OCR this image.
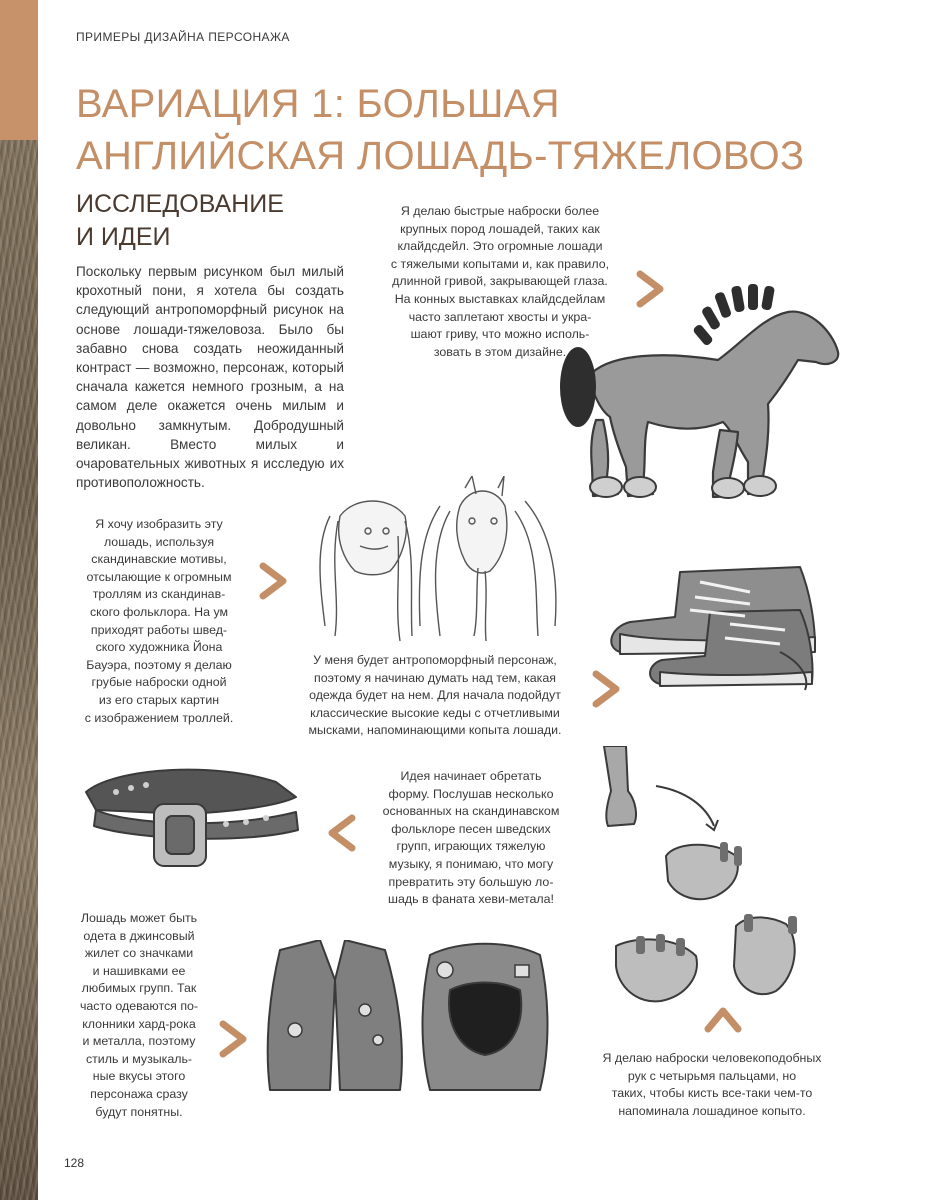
ПРИМЕРЫ ДИЗАЙНА ПЕРСОНАЖА
ВАРИАЦИЯ 1: БОЛЬШАЯ АНГЛИЙСКАЯ ЛОШАДЬ-ТЯЖЕЛОВОЗ
ИССЛЕДОВАНИЕ И ИДЕИ
Поскольку первым рисунком был милый крохотный пони, я хотела бы создать следующий антропоморфный рисунок на основе лошади-тяжеловоза. Было бы забавно снова создать неожиданный контраст — возможно, персонаж, который сначала кажется немного грозным, а на самом деле окажется очень милым и довольно замкнутым. Добродушный великан. Вместо милых и очаровательных животных я исследую их противоположность.
Я делаю быстрые наброски более
крупных пород лошадей, таких как
клайдсдейл. Это огромные лошади
с тяжелыми копытами и, как правило,
длинной гривой, закрывающей глаза.
На конных выставках клайдсдейлам
часто заплетают хвосты и укра-
шают гриву, что можно исполь-
зовать в этом дизайне.
Я хочу изобразить эту
лошадь, используя
скандинавские мотивы,
отсылающие к огромным
троллям из скандинав-
ского фольклора. На ум
приходят работы швед-
ского художника Йона
Бауэра, поэтому я делаю
грубые наброски одной
из его старых картин
с изображением троллей.
У меня будет антропоморфный персонаж,
поэтому я начинаю думать над тем, какая
одежда будет на нем. Для начала подойдут
классические высокие кеды с отчетливыми
мысками, напоминающими копыта лошади.
Идея начинает обретать
форму. Послушав несколько
основанных на скандинавском
фольклоре песен шведских
групп, играющих тяжелую
музыку, я понимаю, что могу
превратить эту большую ло-
шадь в фаната хеви-метала!
Лошадь может быть
одета в джинсовый
жилет со значками
и нашивками ее
любимых групп. Так
часто одеваются по-
клонники хард-рока
и металла, поэтому
стиль и музыкаль-
ные вкусы этого
персонажа сразу
будут понятны.
Я делаю наброски человекоподобных
рук с четырьмя пальцами, но
таких, чтобы кисть все-таки чем-то
напоминала лошадиное копыто.
128
